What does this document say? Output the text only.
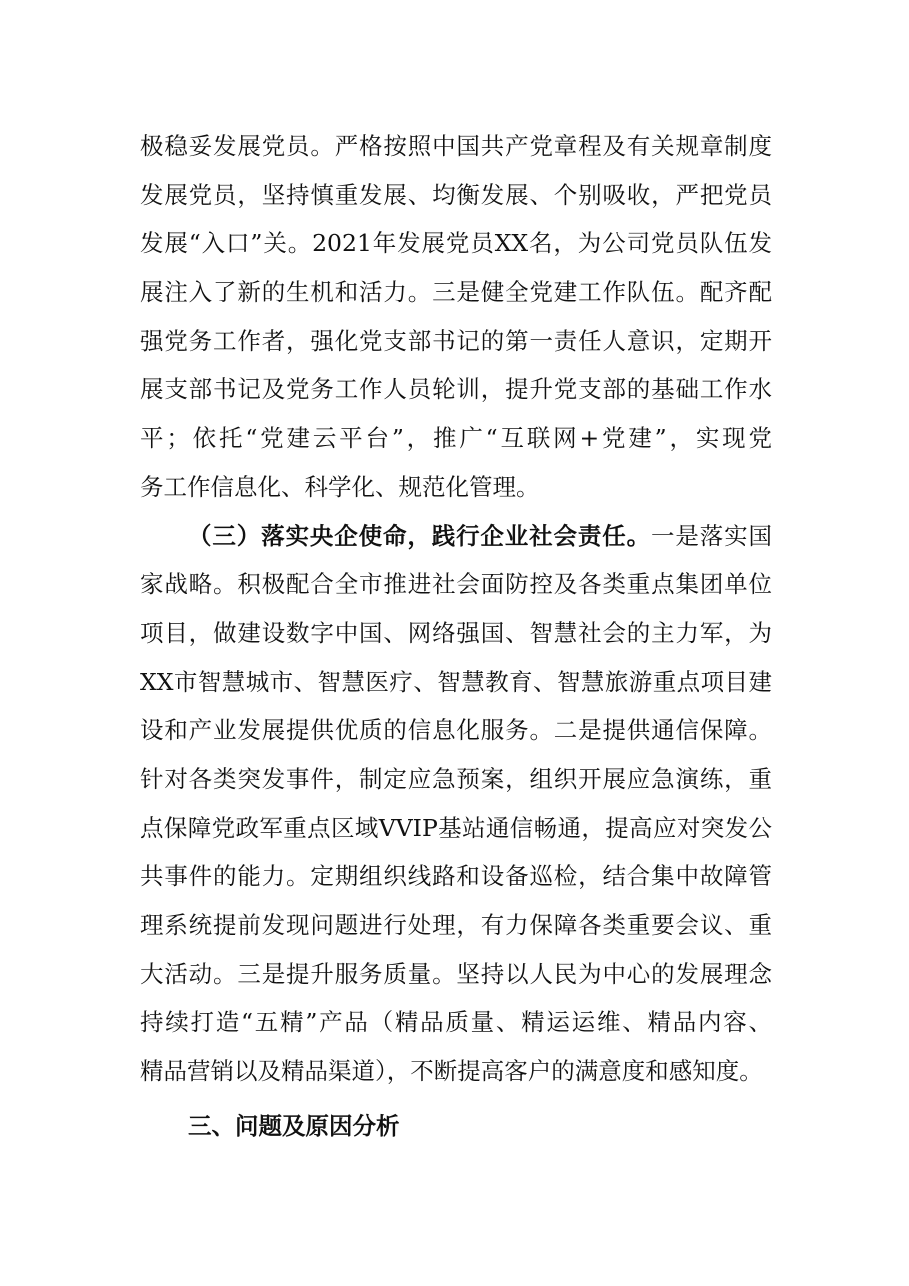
极稳妥发展党员。严格按照中国共产党章程及有关规章制度
发展党员，坚持慎重发展、均衡发展、个别吸收，严把党员
发展“入口”关。2021年发展党员XX名，为公司党员队伍发
展注入了新的生机和活力。三是健全党建工作队伍。配齐配
强党务工作者，强化党支部书记的第一责任人意识，定期开
展支部书记及党务工作人员轮训，提升党支部的基础工作水
平；依托“党建云平台”，推广“互联网+党建”，实现党
务工作信息化、科学化、规范化管理。
（三）落实央企使命，践行企业社会责任。一是落实国
家战略。积极配合全市推进社会面防控及各类重点集团单位
项目，做建设数字中国、网络强国、智慧社会的主力军，为
XX市智慧城市、智慧医疗、智慧教育、智慧旅游重点项目建
设和产业发展提供优质的信息化服务。二是提供通信保障。
针对各类突发事件，制定应急预案，组织开展应急演练，重
点保障党政军重点区域VVIP基站通信畅通，提高应对突发公
共事件的能力。定期组织线路和设备巡检，结合集中故障管
理系统提前发现问题进行处理，有力保障各类重要会议、重
大活动。三是提升服务质量。坚持以人民为中心的发展理念
持续打造“五精”产品（精品质量、精运运维、精品内容、
精品营销以及精品渠道），不断提高客户的满意度和感知度。
三、问题及原因分析
